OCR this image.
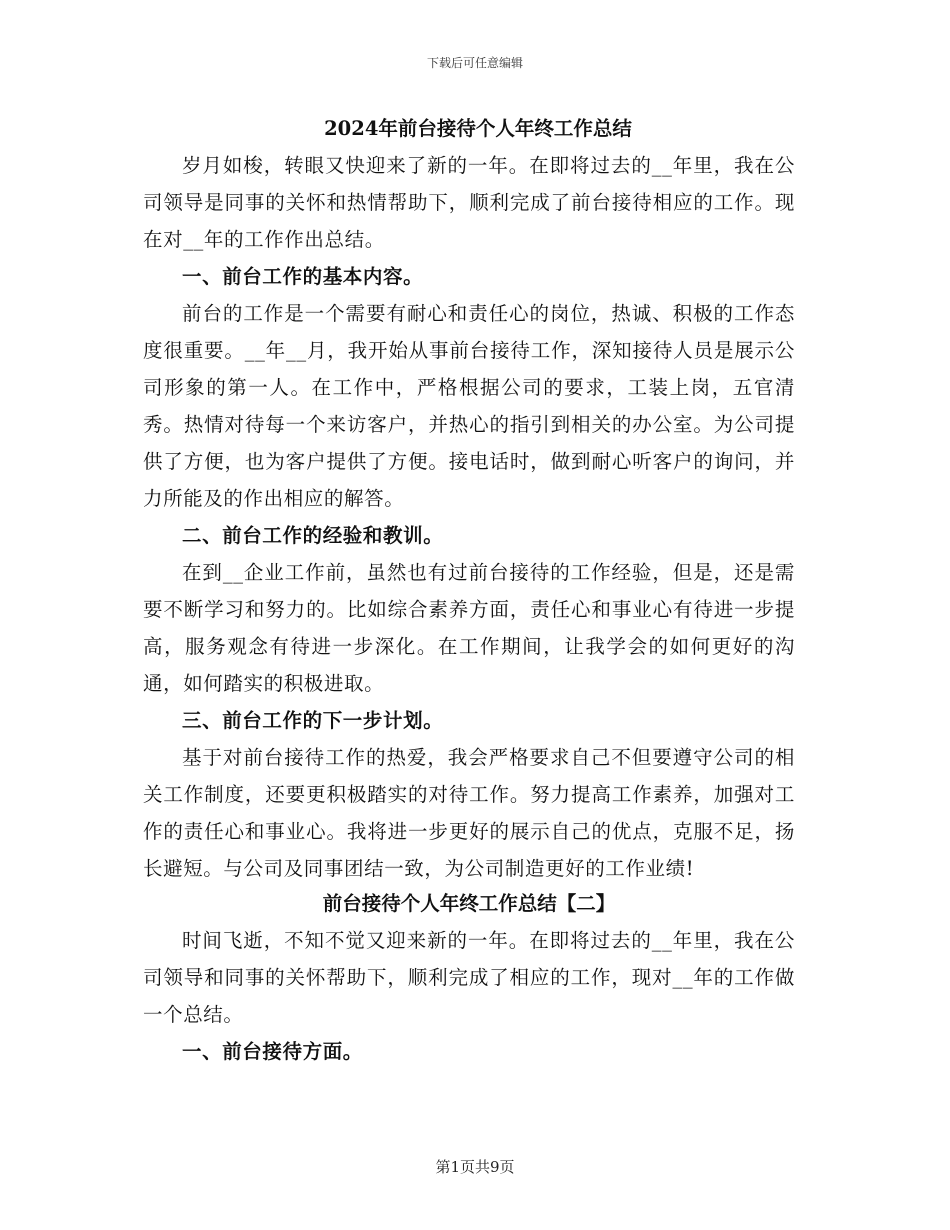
下载后可任意编辑
2024年前台接待个人年终工作总结

岁月如梭，转眼又快迎来了新的一年。在即将过去的__年里，我在公司领导是同事的关怀和热情帮助下，顺利完成了前台接待相应的工作。现在对__年的工作作出总结。

一、前台工作的基本内容。

前台的工作是一个需要有耐心和责任心的岗位，热诚、积极的工作态度很重要。__年__月，我开始从事前台接待工作，深知接待人员是展示公司形象的第一人。在工作中，严格根据公司的要求，工装上岗，五官清秀。热情对待每一个来访客户，并热心的指引到相关的办公室。为公司提供了方便，也为客户提供了方便。接电话时，做到耐心听客户的询问，并力所能及的作出相应的解答。

二、前台工作的经验和教训。

在到__企业工作前，虽然也有过前台接待的工作经验，但是，还是需要不断学习和努力的。比如综合素养方面，责任心和事业心有待进一步提高，服务观念有待进一步深化。在工作期间，让我学会的如何更好的沟通，如何踏实的积极进取。

三、前台工作的下一步计划。

基于对前台接待工作的热爱，我会严格要求自己不但要遵守公司的相关工作制度，还要更积极踏实的对待工作。努力提高工作素养，加强对工作的责任心和事业心。我将进一步更好的展示自己的优点，克服不足，扬长避短。与公司及同事团结一致，为公司制造更好的工作业绩!

前台接待个人年终工作总结【二】

时间飞逝，不知不觉又迎来新的一年。在即将过去的__年里，我在公司领导和同事的关怀帮助下，顺利完成了相应的工作，现对__年的工作做一个总结。

一、前台接待方面。

第1页共9页
